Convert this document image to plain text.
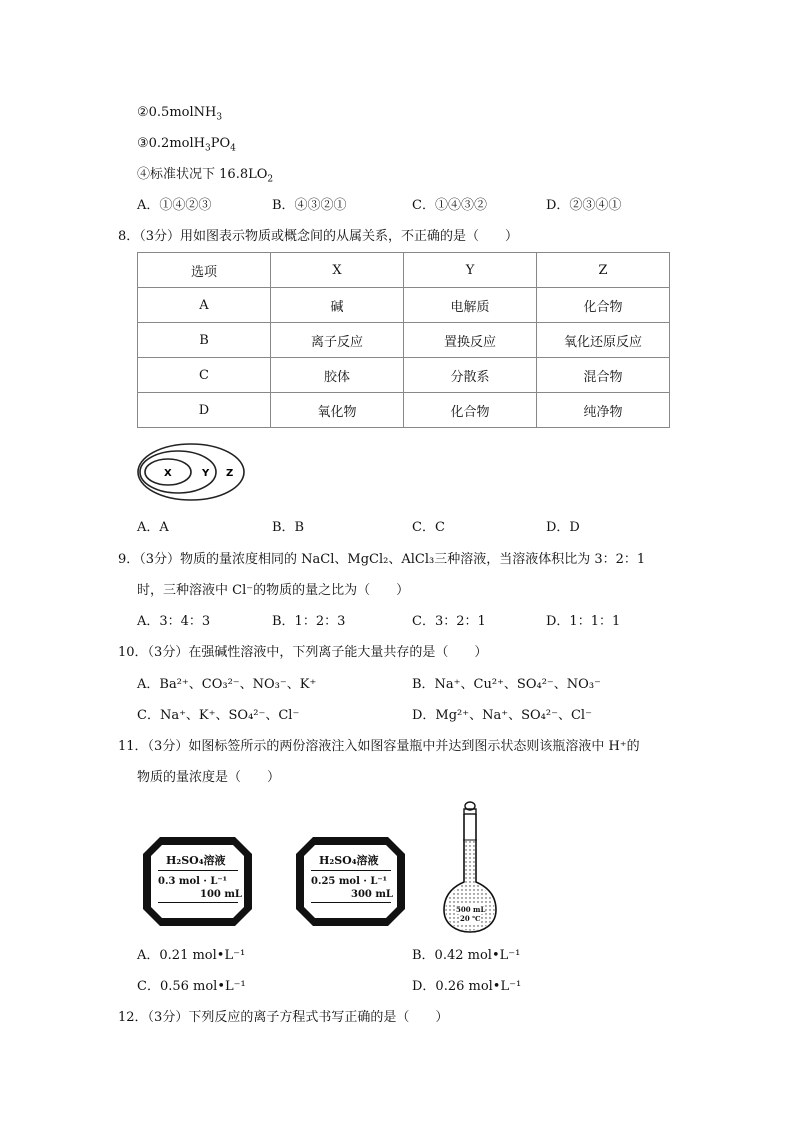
②0.5molNH$_3$
$③0.2molH_3PO_4$
④标准状况下 $16.8LO_2$
A．①④②③	B．④③②①	C．①④③②	D．②③④①
8．（3分）用如图表示物质或概念间的从属关系，不正确的是（　　）
选项	X	Y	Z
A	碱	电解质	化合物
B	离子反应	置换反应	氧化还原反应
C	胶体	分散系	混合物
D	氧化物	化合物	纯净物
X	Y Z
A．A	B．B	C．C	D．D
9．（3分）物质的量浓度相同的 NaCl、MgCl₂、AlCl₃三种溶液，当溶液体积比为 3：2：1
时，三种溶液中 Cl⁻的物质的量之比为（　　）
A．3：4：3	B．1：2：3	C．3：2：1	D．1：1：1
10．（3分）在强碱性溶液中，下列离子能大量共存的是（　　）
A．Ba²⁺、CO₃²⁻、NO₃⁻、K⁺	B．Na⁺、Cu²⁺、SO₄²⁻、NO₃⁻
C．Na⁺、K⁺、SO₄²⁻、Cl⁻	D．Mg²⁺、Na⁺、SO₄²⁻、Cl⁻
11．（3分）如图标签所示的两份溶液注入如图容量瓶中并达到图示状态则该瓶溶液中 H⁺的
物质的量浓度是（　　）
H₂SO₄溶液
0.3 mol · L⁻¹
100 mL
H₂SO₄溶液
0.25 mol · L⁻¹
300 mL
500 mL
20 ℃
A．0.21 mol•L⁻¹	B．0.42 mol•L⁻¹
C．0.56 mol•L⁻¹	D．0.26 mol•L⁻¹
12．（3分）下列反应的离子方程式书写正确的是（　　）
